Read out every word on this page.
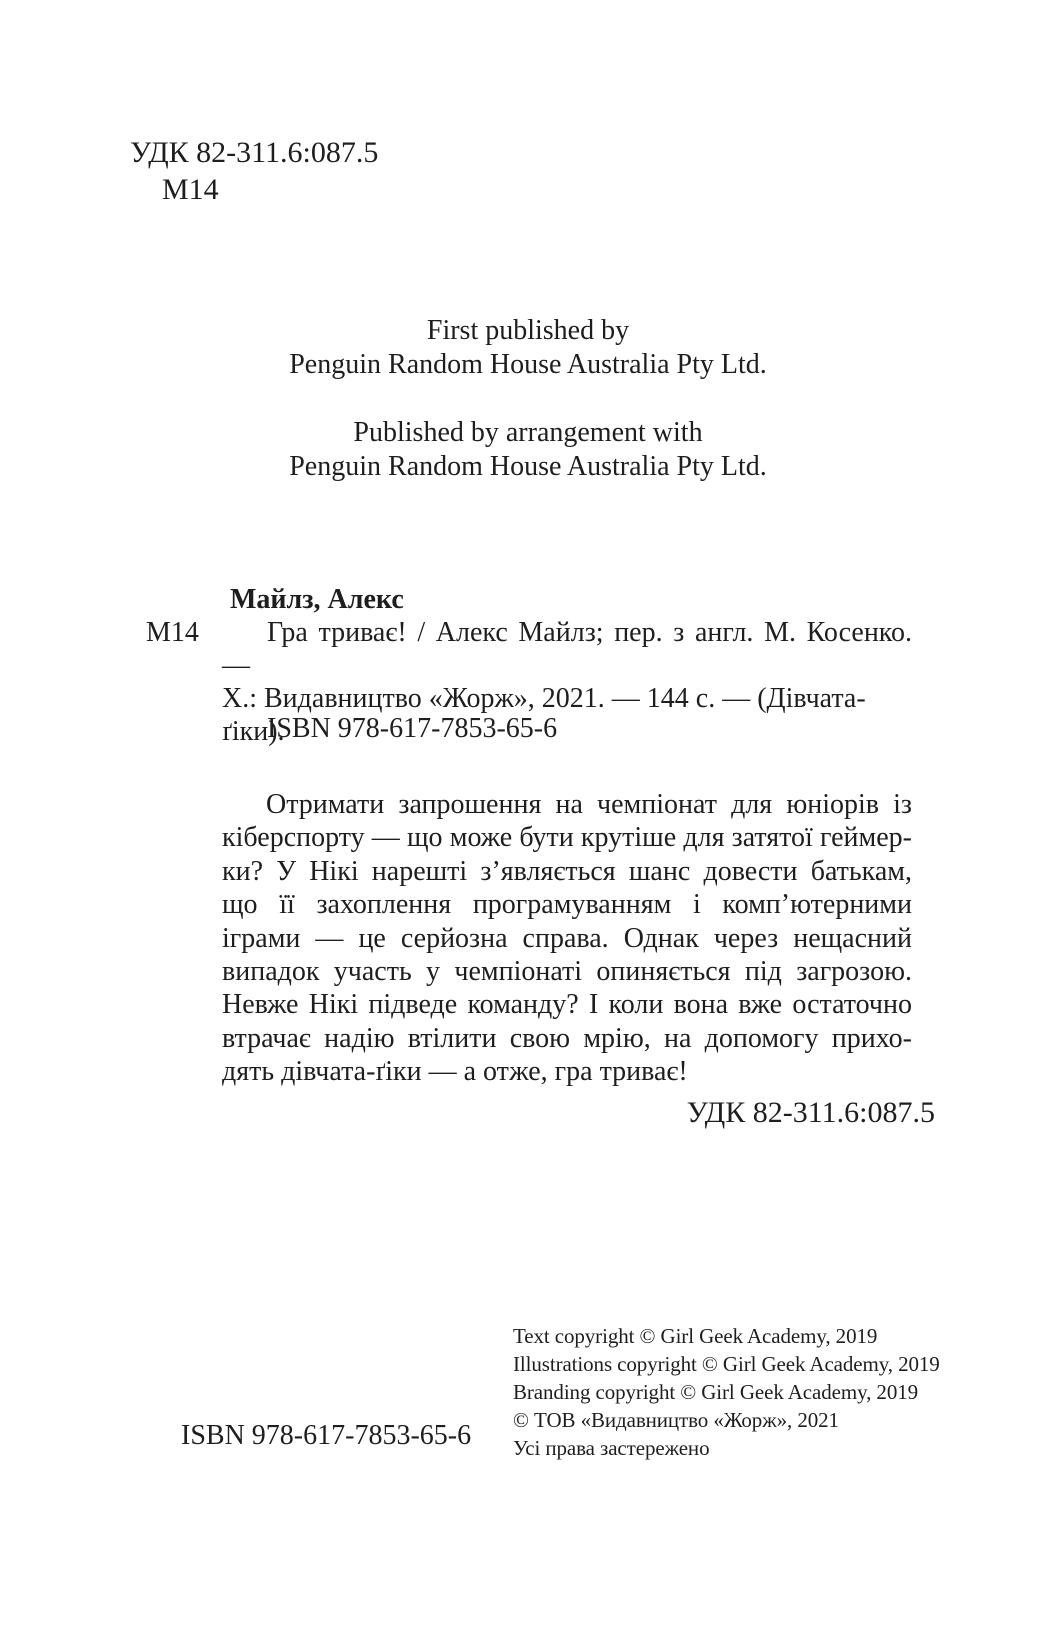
УДК 82-311.6:087.5
М14
First published by
Penguin Random House Australia Pty Ltd.
Published by arrangement with
Penguin Random House Australia Pty Ltd.
Майлз, Алекс
М14	Гра триває! / Алекс Майлз; пер. з англ. М. Косенко. —
Х.: Видавництво «Жорж», 2021. — 144 с. — (Дівчата-ґіки).
ISBN 978-617-7853-65-6
Отримати запрошення на чемпіонат для юніорів із
кіберспорту — що може бути крутіше для затятої геймер-
ки? У Нікі нарешті з’являється шанс довести батькам,
що її захоплення програмуванням і комп’ютерними
іграми — це серйозна справа. Однак через нещасний
випадок участь у чемпіонаті опиняється під загрозою.
Невже Нікі підведе команду? І коли вона вже остаточно
втрачає надію втілити свою мрію, на допомогу прихо-
дять дівчата-ґіки — а отже, гра триває!
УДК 82-311.6:087.5
ISBN 978-617-7853-65-6
Text copyright © Girl Geek Academy, 2019
Illustrations copyright © Girl Geek Academy, 2019
Branding copyright © Girl Geek Academy, 2019
© ТОВ «Видавництво «Жорж», 2021
Усі права застережено
